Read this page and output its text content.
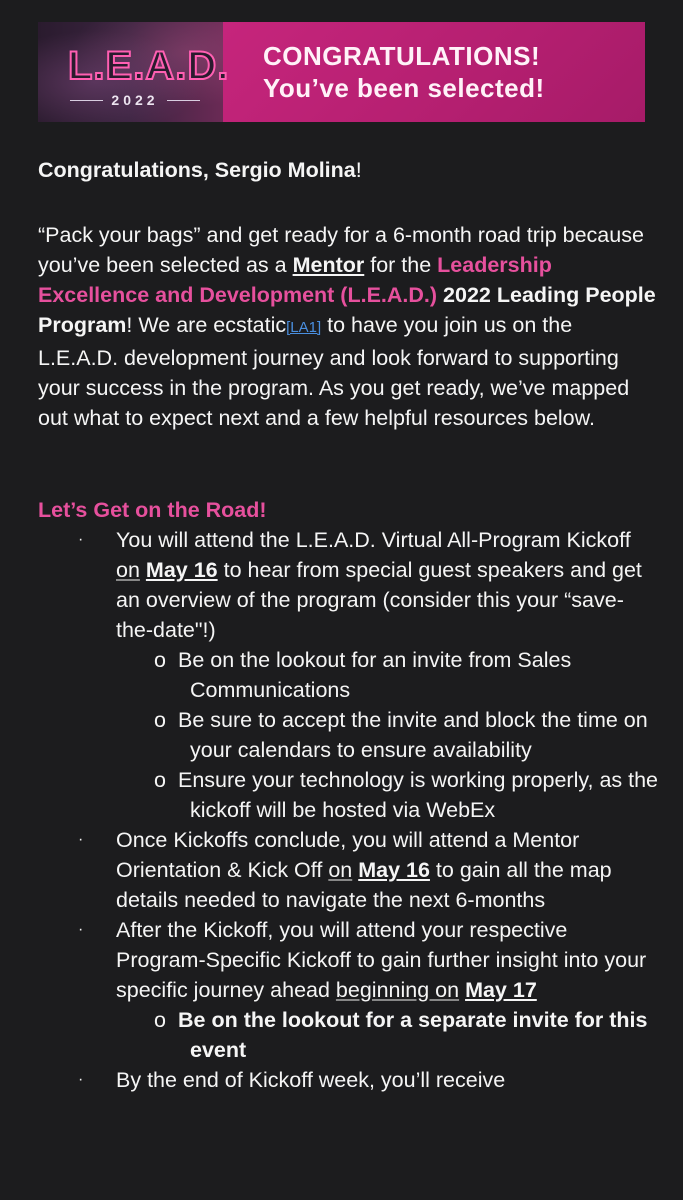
L.E.A.D.
2022
CONGRATULATIONS!
You’ve been selected!

Congratulations, Sergio Molina!

“Pack your bags” and get ready for a 6-month road trip because you’ve been selected as a Mentor for the Leadership Excellence and Development (L.E.A.D.) 2022 Leading People Program! We are ecstatic[LA1] to have you join us on the L.E.A.D. development journey and look forward to supporting your success in the program. As you get ready, we’ve mapped out what to expect next and a few helpful resources below.

Let’s Get on the Road!

· You will attend the L.E.A.D. Virtual All-Program Kickoff on May 16 to hear from special guest speakers and get an overview of the program (consider this your “save-the-date"!)
o Be on the lookout for an invite from Sales Communications
o Be sure to accept the invite and block the time on your calendars to ensure availability
o Ensure your technology is working properly, as the kickoff will be hosted via WebEx
· Once Kickoffs conclude, you will attend a Mentor Orientation & Kick Off on May 16 to gain all the map details needed to navigate the next 6-months
· After the Kickoff, you will attend your respective Program-Specific Kickoff to gain further insight into your specific journey ahead beginning on May 17
o Be on the lookout for a separate invite for this event
· By the end of Kickoff week, you’ll receive
